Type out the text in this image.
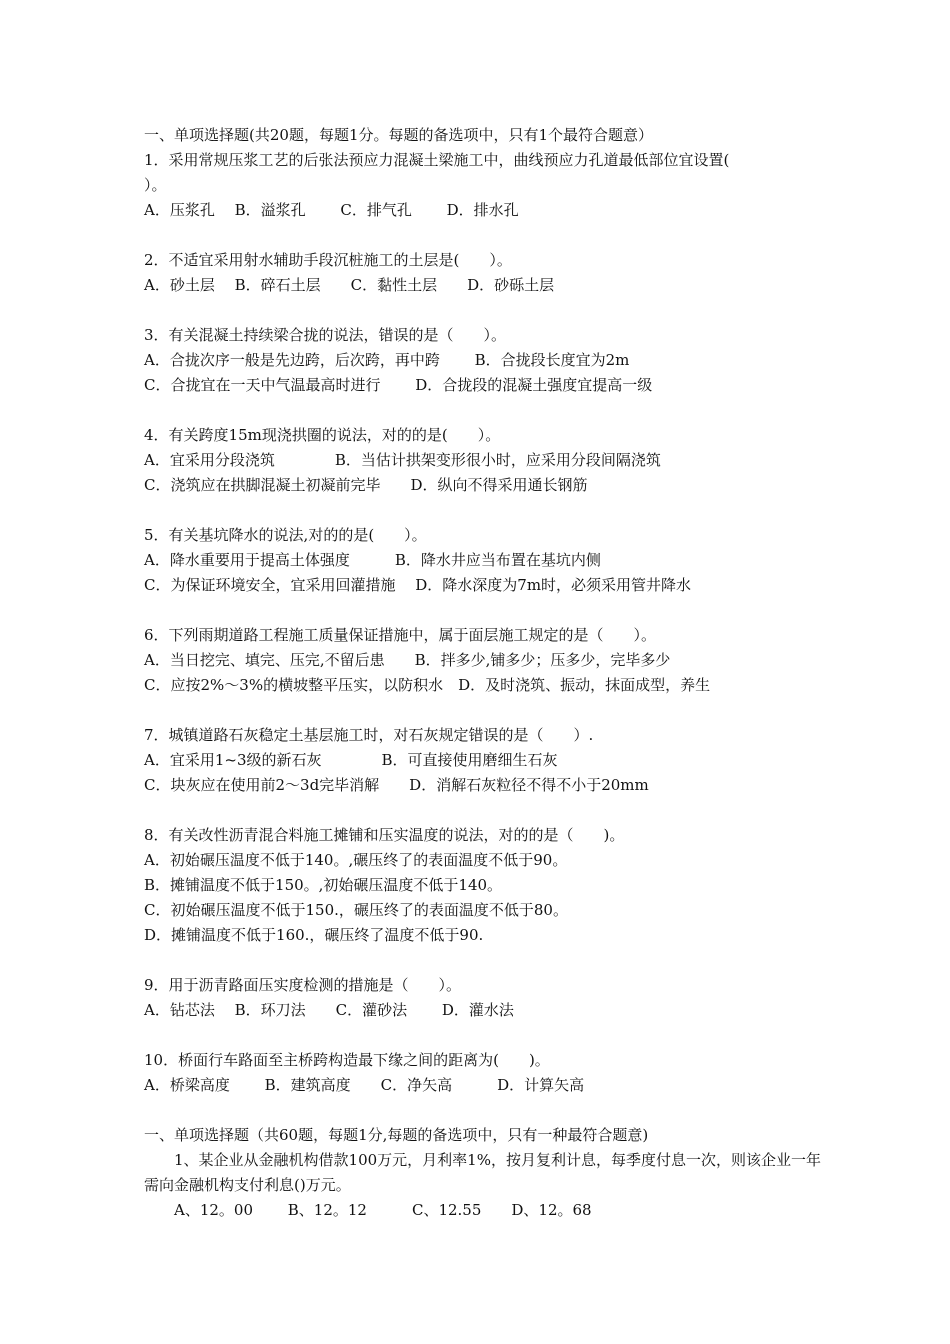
一、单项选择题(共20题，每题1分。每题的备选项中，只有1个最符合题意）
1．采用常规压浆工艺的后张法预应力混凝土梁施工中，曲线预应力孔道最低部位宜设置(
）。
A．压浆孔　 B．溢浆孔　　 C．排气孔　　 D．排水孔
2．不适宜采用射水辅助手段沉桩施工的土层是(　　）。
A．砂土层　 B．碎石土层　　C．黏性土层　　D．砂砾土层
3．有关混凝土持续梁合拢的说法，错误的是（　　）。
A．合拢次序一般是先边跨，后次跨，再中跨　　 B．合拢段长度宜为2m
C．合拢宜在一天中气温最高时进行　　 D．合拢段的混凝土强度宜提高一级
4．有关跨度15m现浇拱圈的说法，对的的是(　　）。
A．宜采用分段浇筑　　　　B．当估计拱架变形很小时，应采用分段间隔浇筑
C．浇筑应在拱脚混凝土初凝前完毕　　D．纵向不得采用通长钢筋
5．有关基坑降水的说法,对的的是(　　）。
A．降水重要用于提高土体强度　　　B．降水井应当布置在基坑内侧
C．为保证环境安全，宜采用回灌措施　 D．降水深度为7m时，必须采用管井降水
6．下列雨期道路工程施工质量保证措施中，属于面层施工规定的是（　　）。
A．当日挖完、填完、压完,不留后患　　B．拌多少,铺多少；压多少，完毕多少
C．应按2%～3%的横坡整平压实，以防积水　D．及时浇筑、振动，抹面成型，养生
7．城镇道路石灰稳定土基层施工时，对石灰规定错误的是（　　）.
A．宜采用1~3级的新石灰　　　　B．可直接使用磨细生石灰
C．块灰应在使用前2～3d完毕消解　　D．消解石灰粒径不得不小于20mm
8．有关改性沥青混合料施工摊铺和压实温度的说法，对的的是（　　)。
A．初始碾压温度不低于140。,碾压终了的表面温度不低于90。
B．摊铺温度不低于150。,初始碾压温度不低于140。
C．初始碾压温度不低于150.，碾压终了的表面温度不低于80。
D．摊铺温度不低于160.，碾压终了温度不低于90.
9．用于沥青路面压实度检测的措施是（　　）。
A．钻芯法　 B．环刀法　　C．灌砂法　　 D．灌水法
10．桥面行车路面至主桥跨构造最下缘之间的距离为(　　)。
A．桥梁高度　　 B．建筑高度　　C．净矢高　　　D．计算矢高
一、单项选择题（共60题，每题1分,每题的备选项中，只有一种最符合题意)
　　1、某企业从金融机构借款100万元，月利率1%，按月复利计息，每季度付息一次，则该企业一年需向金融机构支付利息()万元。
　　A、12。00　　 B、12。12　　　C、12.55　　D、12。68
